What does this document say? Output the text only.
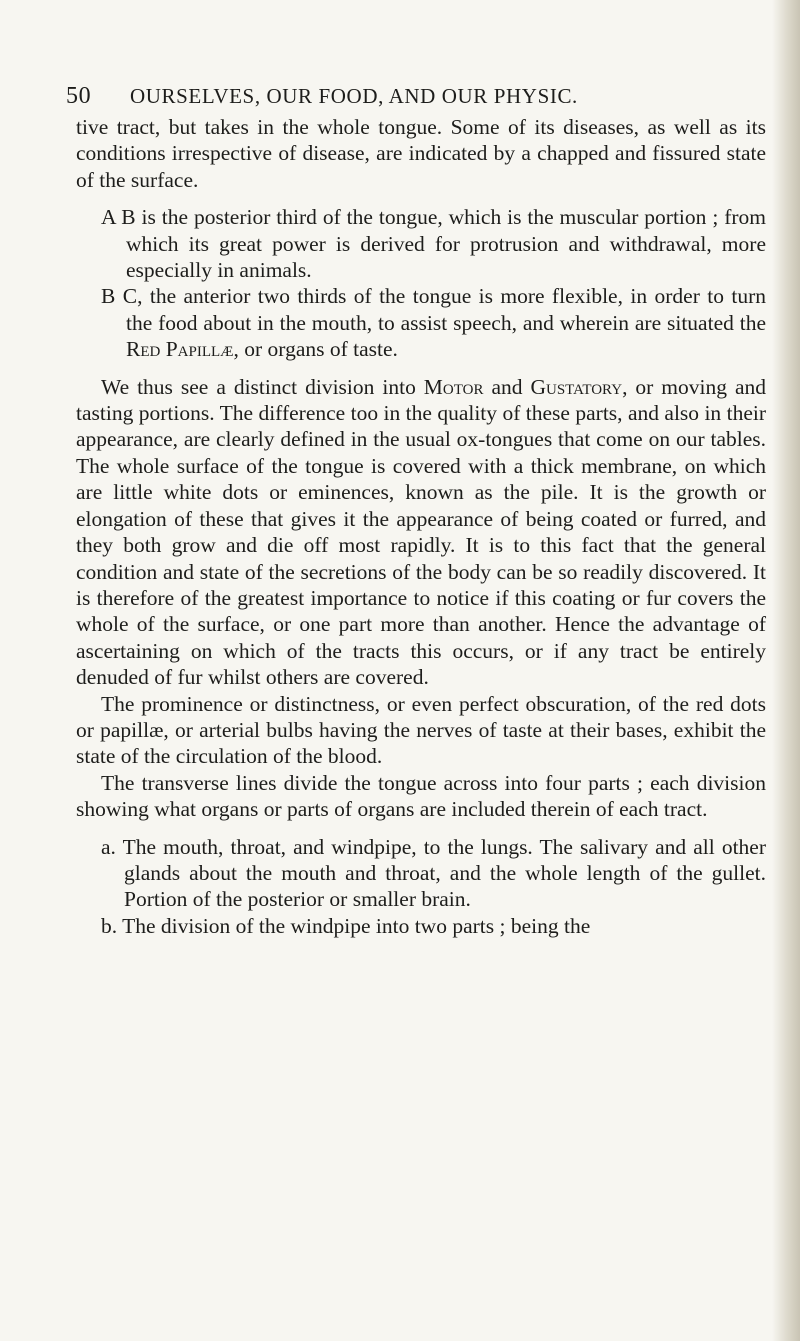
50 OURSELVES, OUR FOOD, AND OUR PHYSIC.

tive tract, but takes in the whole tongue. Some of its diseases, as well as its conditions irrespective of disease, are indicated by a chapped and fissured state of the surface.

A B is the posterior third of the tongue, which is the muscular portion ; from which its great power is derived for protrusion and withdrawal, more especially in animals.

B C, the anterior two thirds of the tongue is more flexible, in order to turn the food about in the mouth, to assist speech, and wherein are situated the Red Papillæ, or organs of taste.

We thus see a distinct division into Motor and Gustatory, or moving and tasting portions. The difference too in the quality of these parts, and also in their appearance, are clearly defined in the usual ox-tongues that come on our tables. The whole surface of the tongue is covered with a thick membrane, on which are little white dots or eminences, known as the pile. It is the growth or elongation of these that gives it the appearance of being coated or furred, and they both grow and die off most rapidly. It is to this fact that the general condition and state of the secretions of the body can be so readily discovered. It is therefore of the greatest importance to notice if this coating or fur covers the whole of the surface, or one part more than another. Hence the advantage of ascertaining on which of the tracts this occurs, or if any tract be entirely denuded of fur whilst others are covered.

The prominence or distinctness, or even perfect obscuration, of the red dots or papillæ, or arterial bulbs having the nerves of taste at their bases, exhibit the state of the circulation of the blood.

The transverse lines divide the tongue across into four parts ; each division showing what organs or parts of organs are included therein of each tract.

a. The mouth, throat, and windpipe, to the lungs. The salivary and all other glands about the mouth and throat, and the whole length of the gullet. Portion of the posterior or smaller brain.

b. The division of the windpipe into two parts ; being the
